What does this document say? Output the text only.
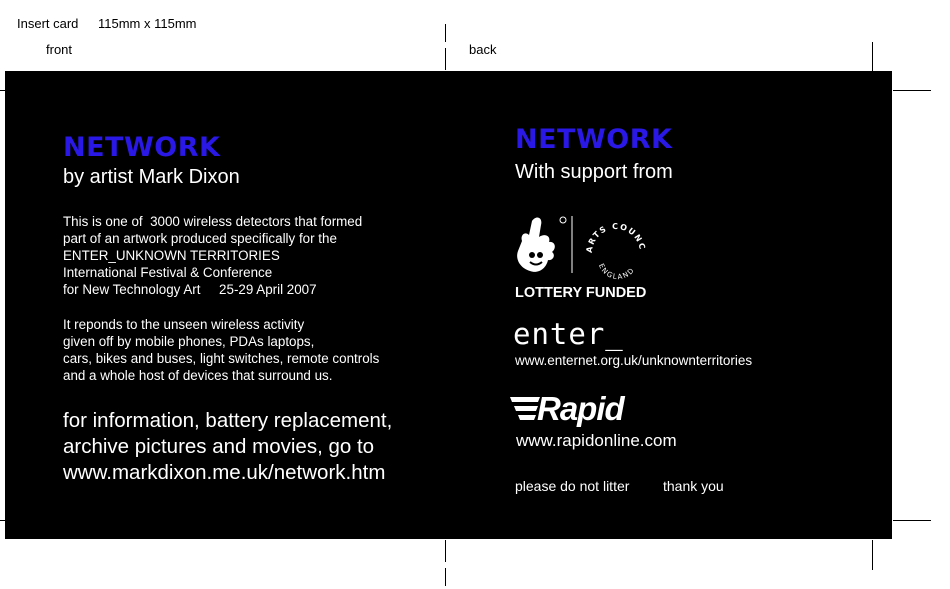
Insert card 115mm x 115mm
front	back
NETWORK
by artist Mark Dixon
This is one of  3000 wireless detectors that formed
part of an artwork produced specifically for the
ENTER_UNKNOWN TERRITORIES
International Festival & Conference
for New Technology Art     25-29 April 2007
It reponds to the unseen wireless activity
given off by mobile phones, PDAs laptops,
cars, bikes and buses, light switches, remote controls
and a whole host of devices that surround us.
for information, battery replacement,
archive pictures and movies, go to
www.markdixon.me.uk/network.htm
NETWORK
With support from
ARTS COUNC
ENGLAND
LOTTERY FUNDED
enter_
www.enternet.org.uk/unknownterritories
Rapid
www.rapidonline.com
please do not litter thank you
